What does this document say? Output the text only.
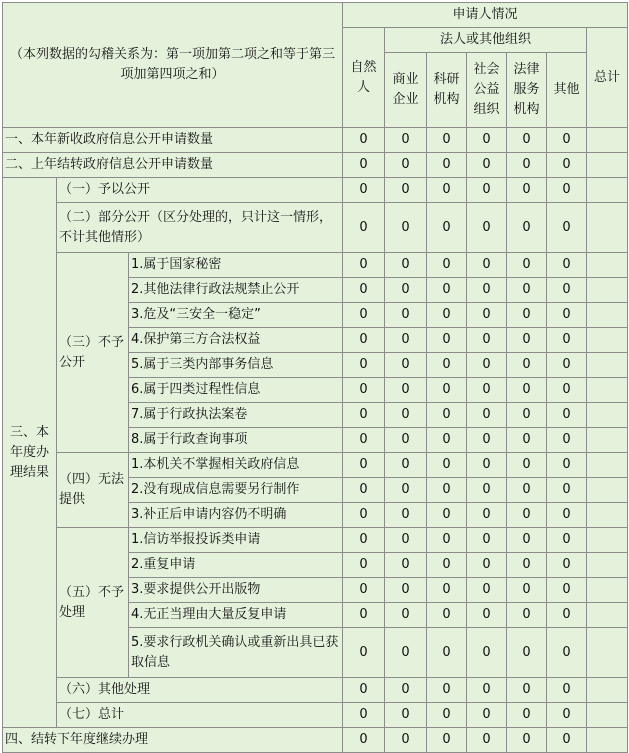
（本列数据的勾稽关系为：第一项加第二项之和等于第三项加第四项之和）			申请人情况						
			自然人	法人或其他组织					总计
				商业企业	科研机构	社会公益组织	法律服务机构	其他	
一、本年新收政府信息公开申请数量			0	0	0	0	0	0	
二、上年结转政府信息公开申请数量			0	0	0	0	0	0	
三、本年度办理结果	（一）予以公开		0	0	0	0	0	0	
	（二）部分公开（区分处理的，只计这一情形，不计其他情形）		0	0	0	0	0	0	
	（三）不予公开	1.属于国家秘密	0	0	0	0	0	0	
		2.其他法律行政法规禁止公开	0	0	0	0	0	0	
		3.危及“三安全一稳定”	0	0	0	0	0	0	
		4.保护第三方合法权益	0	0	0	0	0	0	
		5.属于三类内部事务信息	0	0	0	0	0	0	
		6.属于四类过程性信息	0	0	0	0	0	0	
		7.属于行政执法案卷	0	0	0	0	0	0	
		8.属于行政查询事项	0	0	0	0	0	0	
	（四）无法提供	1.本机关不掌握相关政府信息	0	0	0	0	0	0	
		2.没有现成信息需要另行制作	0	0	0	0	0	0	
		3.补正后申请内容仍不明确	0	0	0	0	0	0	
	（五）不予处理	1.信访举报投诉类申请	0	0	0	0	0	0	
		2.重复申请	0	0	0	0	0	0	
		3.要求提供公开出版物	0	0	0	0	0	0	
		4.无正当理由大量反复申请	0	0	0	0	0	0	
		5.要求行政机关确认或重新出具已获取信息	0	0	0	0	0	0	
	（六）其他处理		0	0	0	0	0	0	
	（七）总计		0	0	0	0	0	0	
四、结转下年度继续办理			0	0	0	0	0	0	
